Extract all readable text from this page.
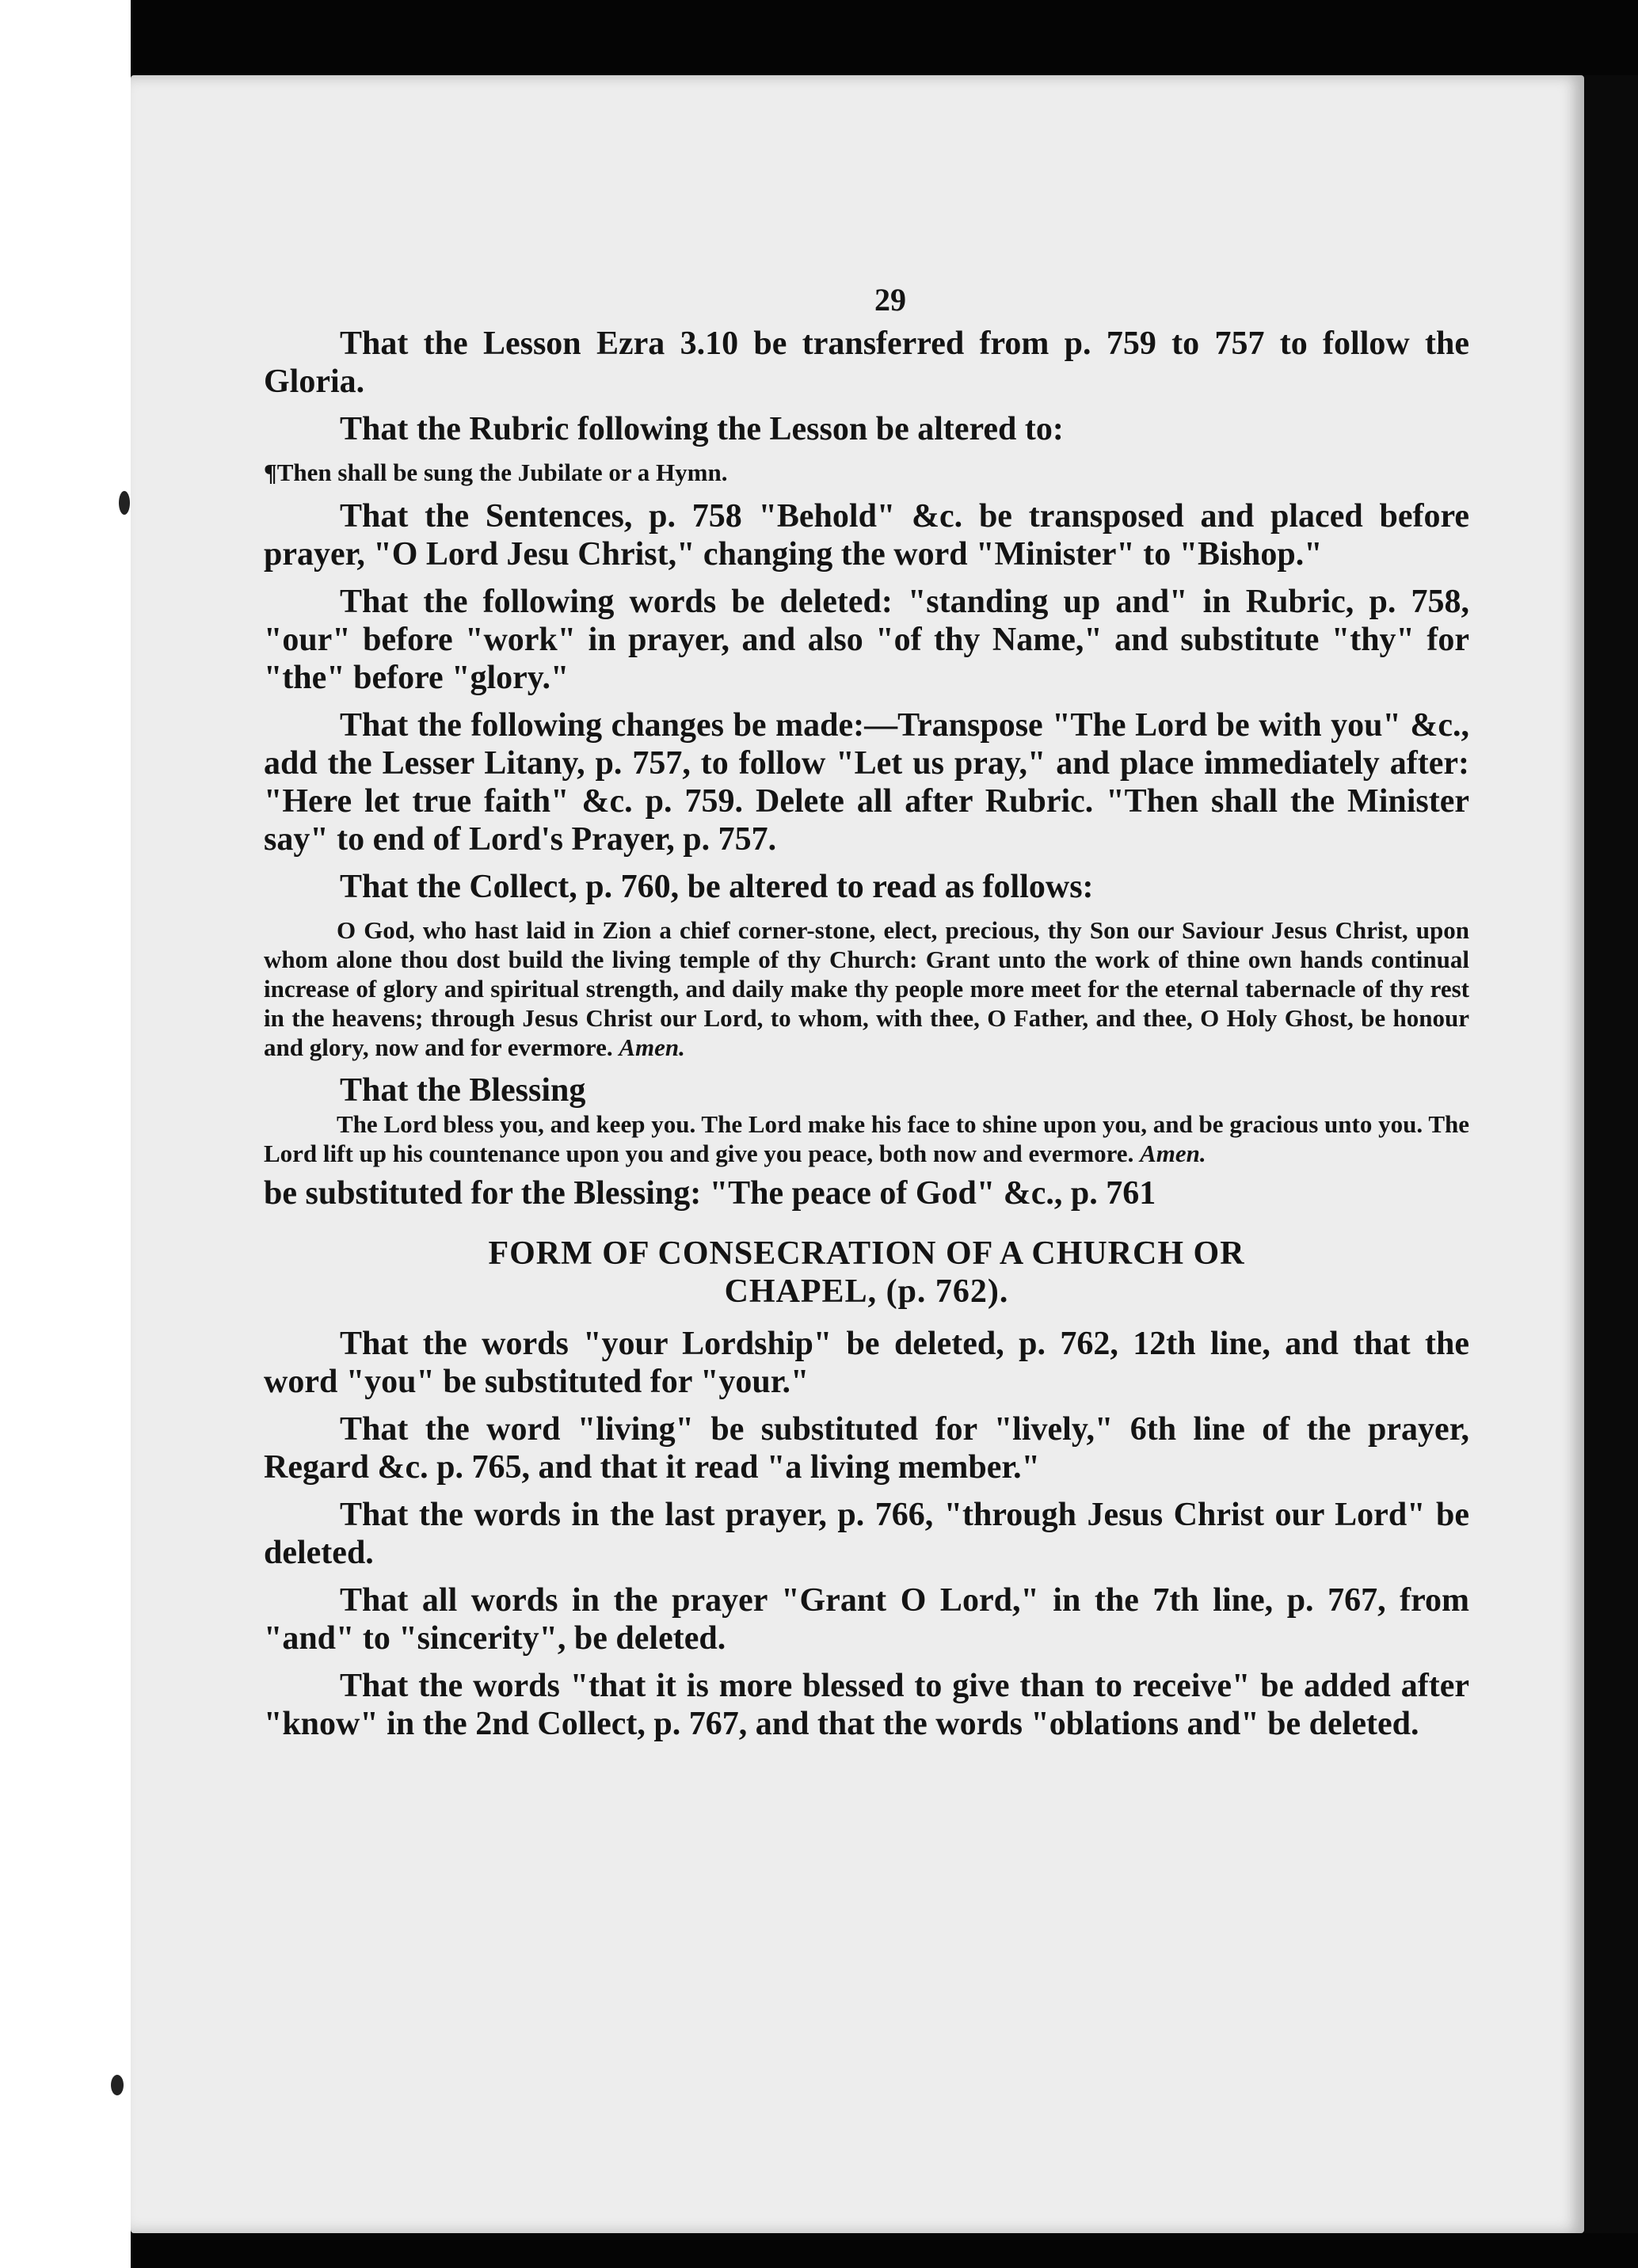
29

That the Lesson Ezra 3.10 be transferred from p. 759 to 757 to follow the Gloria.

That the Rubric following the Lesson be altered to:

¶Then shall be sung the Jubilate or a Hymn.

That the Sentences, p. 758 "Behold" &c. be transposed and placed before prayer, "O Lord Jesu Christ," changing the word "Minister" to "Bishop."

That the following words be deleted: "standing up and" in Rubric, p. 758, "our" before "work" in prayer, and also "of thy Name," and substitute "thy" for "the" before "glory."

That the following changes be made:—Transpose "The Lord be with you" &c., add the Lesser Litany, p. 757, to follow "Let us pray," and place immediately after: "Here let true faith" &c. p. 759. Delete all after Rubric. "Then shall the Minister say" to end of Lord's Prayer, p. 757.

That the Collect, p. 760, be altered to read as follows:

O God, who hast laid in Zion a chief corner-stone, elect, precious, thy Son our Saviour Jesus Christ, upon whom alone thou dost build the living temple of thy Church: Grant unto the work of thine own hands continual increase of glory and spiritual strength, and daily make thy people more meet for the eternal tabernacle of thy rest in the heavens; through Jesus Christ our Lord, to whom, with thee, O Father, and thee, O Holy Ghost, be honour and glory, now and for evermore. Amen.

That the Blessing

The Lord bless you, and keep you. The Lord make his face to shine upon you, and be gracious unto you. The Lord lift up his countenance upon you and give you peace, both now and evermore. Amen.

be substituted for the Blessing: "The peace of God" &c., p. 761

FORM OF CONSECRATION OF A CHURCH OR
CHAPEL, (p. 762).

That the words "your Lordship" be deleted, p. 762, 12th line, and that the word "you" be substituted for "your."

That the word "living" be substituted for "lively," 6th line of the prayer, Regard &c. p. 765, and that it read "a living member."

That the words in the last prayer, p. 766, "through Jesus Christ our Lord" be deleted.

That all words in the prayer "Grant O Lord," in the 7th line, p. 767, from "and" to "sincerity", be deleted.

That the words "that it is more blessed to give than to receive" be added after "know" in the 2nd Collect, p. 767, and that the words "oblations and" be deleted.
